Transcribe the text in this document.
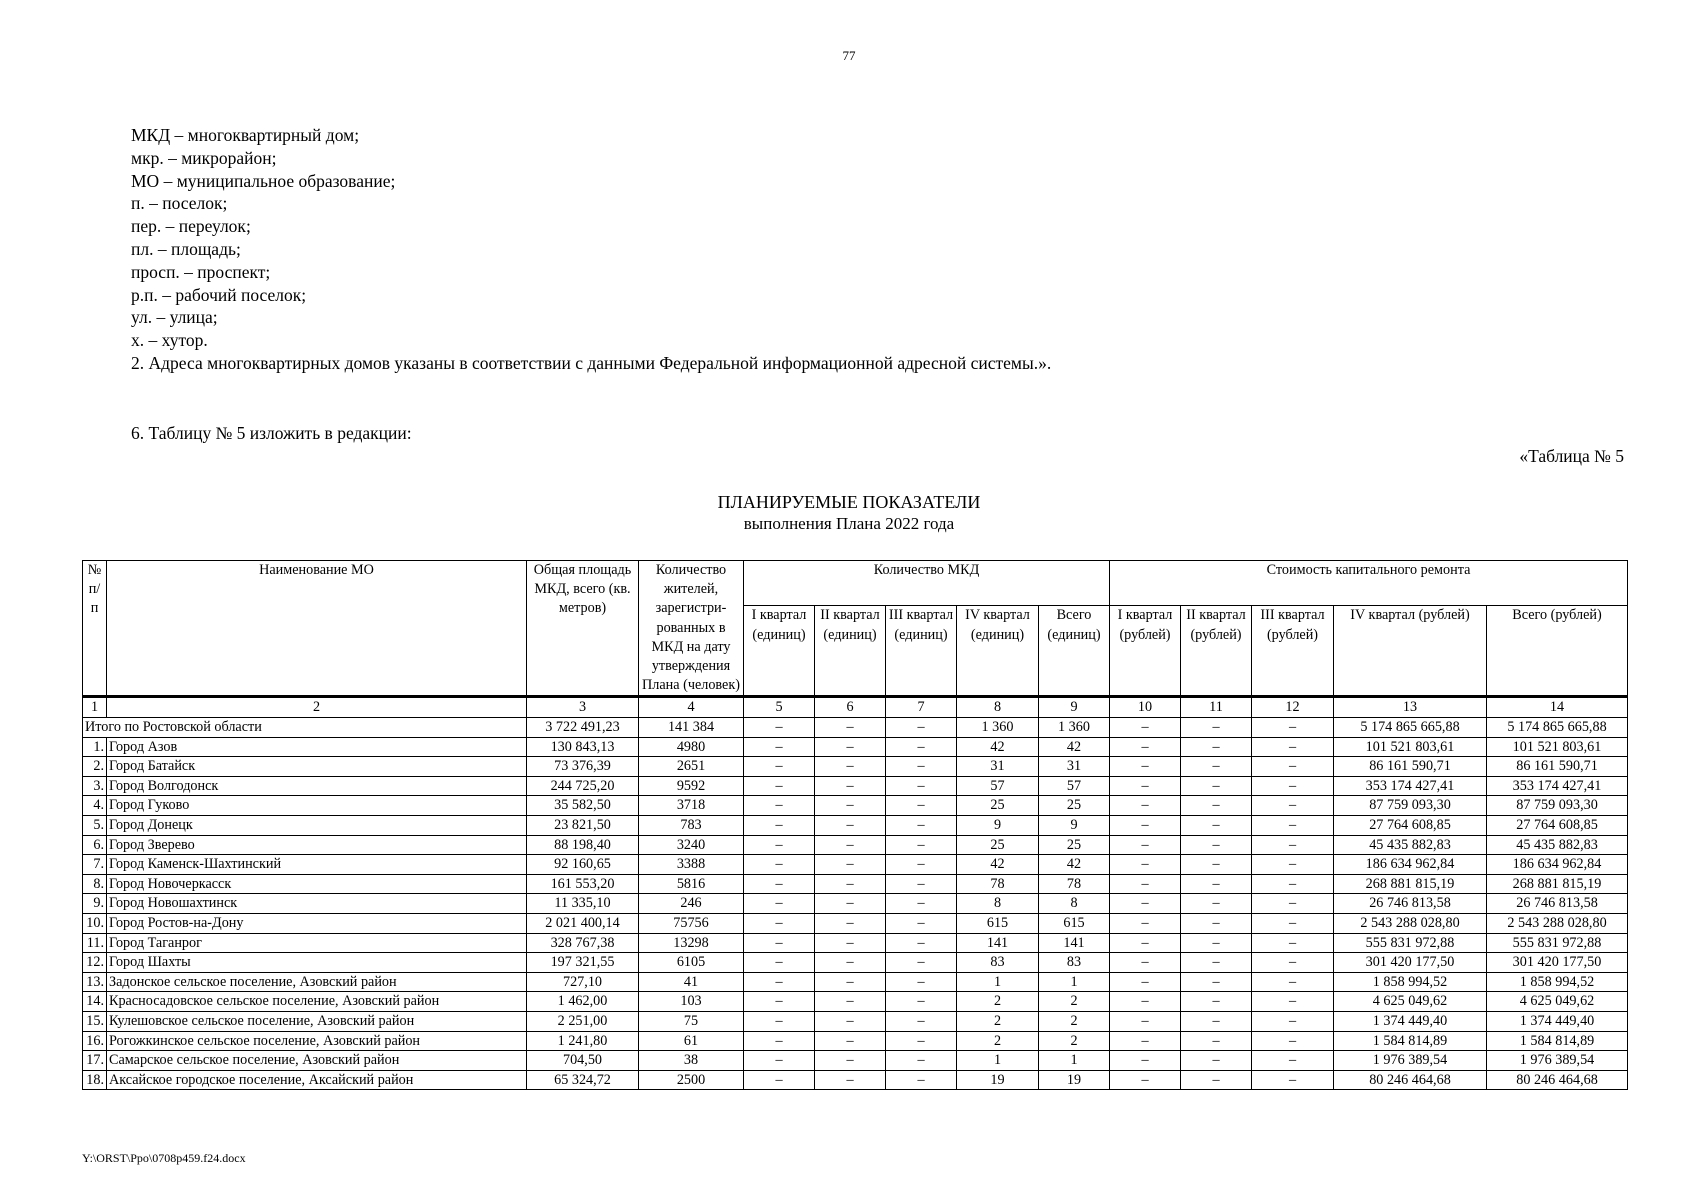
77
МКД – многоквартирный дом;
мкр. – микрорайон;
МО – муниципальное образование;
п. – поселок;
пер. – переулок;
пл. – площадь;
просп. – проспект;
р.п. – рабочий поселок;
ул. – улица;
х. – хутор.
2. Адреса многоквартирных домов указаны в соответствии с данными Федеральной информационной адресной системы.».
6. Таблицу № 5 изложить в редакции:
«Таблица № 5
ПЛАНИРУЕМЫЕ ПОКАЗАТЕЛИ
выполнения Плана 2022 года
№ п/п	Наименование МО	Общая площадь МКД, всего (кв. метров)	Количество жителей, зарегистри-рованных в МКД на дату утверждения Плана (человек)	Количество МКД					Стоимость капитального ремонта				
				I квартал (единиц)	II квартал (единиц)	III квартал (единиц)	IV квартал (единиц)	Всего (единиц)	I квартал (рублей)	II квартал (рублей)	III квартал (рублей)	IV квартал (рублей)	Всего (рублей)
1	2	3	4	5	6	7	8	9	10	11	12	13	14
Итого по Ростовской области		3 722 491,23	141 384	–	–	–	1 360	1 360	–	–	–	5 174 865 665,88	5 174 865 665,88
1.	Город Азов	130 843,13	4980	–	–	–	42	42	–	–	–	101 521 803,61	101 521 803,61
2.	Город Батайск	73 376,39	2651	–	–	–	31	31	–	–	–	86 161 590,71	86 161 590,71
3.	Город Волгодонск	244 725,20	9592	–	–	–	57	57	–	–	–	353 174 427,41	353 174 427,41
4.	Город Гуково	35 582,50	3718	–	–	–	25	25	–	–	–	87 759 093,30	87 759 093,30
5.	Город Донецк	23 821,50	783	–	–	–	9	9	–	–	–	27 764 608,85	27 764 608,85
6.	Город Зверево	88 198,40	3240	–	–	–	25	25	–	–	–	45 435 882,83	45 435 882,83
7.	Город Каменск-Шахтинский	92 160,65	3388	–	–	–	42	42	–	–	–	186 634 962,84	186 634 962,84
8.	Город Новочеркасск	161 553,20	5816	–	–	–	78	78	–	–	–	268 881 815,19	268 881 815,19
9.	Город Новошахтинск	11 335,10	246	–	–	–	8	8	–	–	–	26 746 813,58	26 746 813,58
10.	Город Ростов-на-Дону	2 021 400,14	75756	–	–	–	615	615	–	–	–	2 543 288 028,80	2 543 288 028,80
11.	Город Таганрог	328 767,38	13298	–	–	–	141	141	–	–	–	555 831 972,88	555 831 972,88
12.	Город Шахты	197 321,55	6105	–	–	–	83	83	–	–	–	301 420 177,50	301 420 177,50
13.	Задонское сельское поселение, Азовский район	727,10	41	–	–	–	1	1	–	–	–	1 858 994,52	1 858 994,52
14.	Красносадовское сельское поселение, Азовский район	1 462,00	103	–	–	–	2	2	–	–	–	4 625 049,62	4 625 049,62
15.	Кулешовское сельское поселение, Азовский район	2 251,00	75	–	–	–	2	2	–	–	–	1 374 449,40	1 374 449,40
16.	Рогожкинское сельское поселение, Азовский район	1 241,80	61	–	–	–	2	2	–	–	–	1 584 814,89	1 584 814,89
17.	Самарское сельское поселение, Азовский район	704,50	38	–	–	–	1	1	–	–	–	1 976 389,54	1 976 389,54
18.	Аксайское городское поселение, Аксайский район	65 324,72	2500	–	–	–	19	19	–	–	–	80 246 464,68	80 246 464,68
Y:\ORST\Ppo\0708p459.f24.docx
